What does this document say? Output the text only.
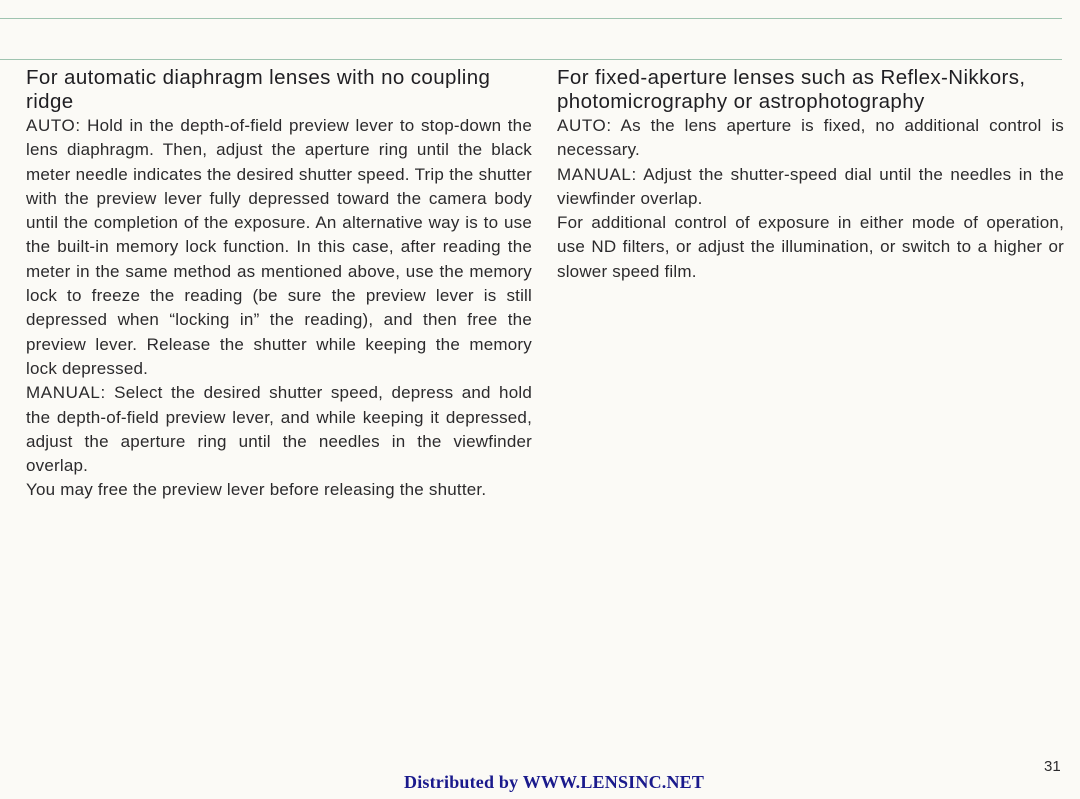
For automatic diaphragm lenses with no coupling ridge

AUTO: Hold in the depth-of-field preview lever to stop-down the lens diaphragm. Then, adjust the aperture ring until the black meter needle indicates the desired shutter speed. Trip the shutter with the preview lever fully depressed toward the camera body until the completion of the exposure. An alternative way is to use the built-in memory lock function. In this case, after reading the meter in the same method as mentioned above, use the memory lock to freeze the reading (be sure the preview lever is still depressed when “locking in” the reading), and then free the preview lever. Release the shutter while keeping the memory lock depressed.

MANUAL: Select the desired shutter speed, depress and hold the depth-of-field preview lever, and while keeping it depressed, adjust the aperture ring until the needles in the viewfinder overlap.

You may free the preview lever before releasing the shutter.

For fixed-aperture lenses such as Reflex-Nikkors, photomicrography or astrophotography

AUTO: As the lens aperture is fixed, no additional control is necessary.

MANUAL: Adjust the shutter-speed dial until the needles in the viewfinder overlap.

For additional control of exposure in either mode of operation, use ND filters, or adjust the illumination, or switch to a higher or slower speed film.

31
Distributed by WWW.LENSINC.NET
